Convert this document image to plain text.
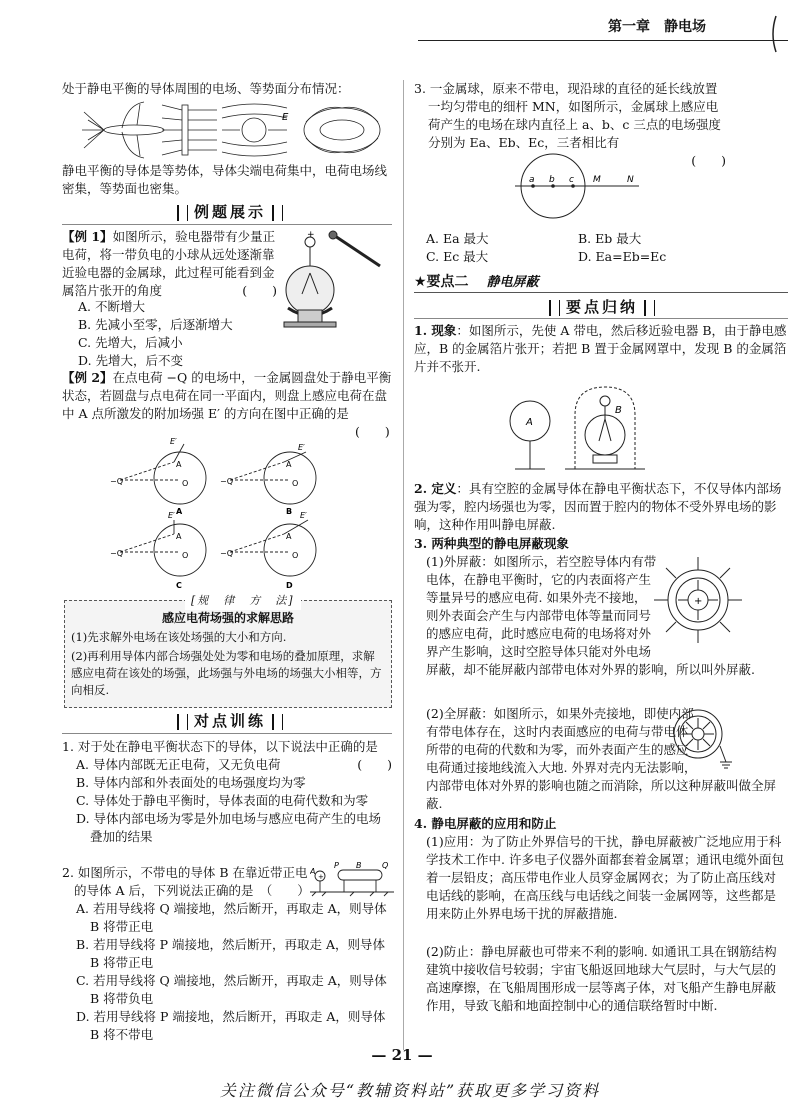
第一章　静电场

处于静电平衡的导体周围的电场、等势面分布情况：

E

静电平衡的导体是等势体，导体尖端电荷集中，电荷电场线密集，等势面也密集。

例题展示
【例 1】如图所示，验电器带有少量正电荷，将一带负电的小球从远处逐渐靠近验电器的金属球，此过程可能看到金属箔片张开的角度	(　　)

A. 不断增大

B. 先减小至零，后逐渐增大

C. 先增大，后减小

D. 先增大，后不变

+
【例 2】在点电荷 −Q 的电场中，一金属圆盘处于静电平衡状态，若圆盘与点电荷在同一平面内，则盘上感应电荷在盘中 A 点所激发的附加场强 E′ 的方向在图中正确的是
(　　)
E′
A
O
−Q
A
E′
A
O
−Q
B
E′
A
O
−Q
C
E′
A
O
−Q
D
[规　律　方　法]
感应电荷场强的求解思路
(1)先求解外电场在该处场强的大小和方向.
(2)再利用导体内部合场强处处为零和电场的叠加原理，求解感应电荷在该处的场强，此场强与外电场的场强大小相等，方向相反.
对点训练

1. 对于处在静电平衡状态下的导体，以下说法中正确的是
(　　)

A. 导体内部既无正电荷，又无负电荷

B. 导体内部和外表面处的电场强度均为零

C. 导体处于静电平衡时，导体表面的电荷代数和为零

D. 导体内部电场为零是外加电场与感应电荷产生的电场叠加的结果

2. 如图所示，不带电的导体 B 在靠近带正电

的导体 A 后，下列说法正确的是　（　　）

A
+
P B	Q

A. 若用导线将 Q 端接地，然后断开，再取走 A，则导体 B 将带正电

B. 若用导线将 P 端接地，然后断开，再取走 A，则导体 B 将带正电

C. 若用导线将 Q 端接地，然后断开，再取走 A，则导体 B 将带负电

D. 若用导线将 P 端接地，然后断开，再取走 A，则导体 B 将不带电

3. 一金属球，原来不带电，现沿球的直径的延长线放置一均匀带电的细杆 MN，如图所示，金属球上感应电荷产生的电场在球内直径上 a、b、c 三点的电场强度分别为 Ea、Eb、Ec，三者相比有

(　　)

a b c M	N
A. Ea 最大	B. Eb 最大
C. Ec 最大	D. Ea=Eb=Ec
★要点二 静电屏蔽
要点归纳

1. 现象：如图所示，先使 A 带电，然后移近验电器 B，由于静电感应，B 的金属箔片张开；若把 B 置于金属网罩中，发现 B 的金属箔片并不张开.

A
B

2. 定义：具有空腔的金属导体在静电平衡状态下，不仅导体内部场强为零，腔内场强也为零，因而置于腔内的物体不受外界电场的影响，这种作用叫静电屏蔽.

3. 两种典型的静电屏蔽现象

(1)外屏蔽：如图所示，若空腔导体内有带电体，在静电平衡时，它的内表面将产生等量异号的感应电荷. 如果外壳不接地，则外表面会产生与内部带电体等量而同号的感应电荷，此时感应电荷的电场将对外界产生影响，这时空腔导体只能对外电场屏蔽，却不能屏蔽内部带电体对外界的影响，所以叫外屏蔽.

+

(2)全屏蔽：如图所示，如果外壳接地，即使内部有带电体存在，这时内表面感应的电荷与带电体所带的电荷的代数和为零，而外表面产生的感应电荷通过接地线流入大地. 外界对壳内无法影响，内部带电体对外界的影响也随之而消除，所以这种屏蔽叫做全屏蔽.

4. 静电屏蔽的应用和防止

(1)应用：为了防止外界信号的干扰，静电屏蔽被广泛地应用于科学技术工作中. 许多电子仪器外面都套着金属罩；通讯电缆外面包着一层铅皮；高压带电作业人员穿金属网衣；为了防止高压线对电话线的影响，在高压线与电话线之间装一金属网等，这些都是用来防止外界电场干扰的屏蔽措施.

(2)防止：静电屏蔽也可带来不利的影响. 如通讯工具在钢筋结构建筑中接收信号较弱；宇宙飞船返回地球大气层时，与大气层的高速摩擦，在飞船周围形成一层等离子体，对飞船产生静电屏蔽作用，导致飞船和地面控制中心的通信联络暂时中断.

— 21 —
关注微信公众号“教辅资料站”获取更多学习资料
